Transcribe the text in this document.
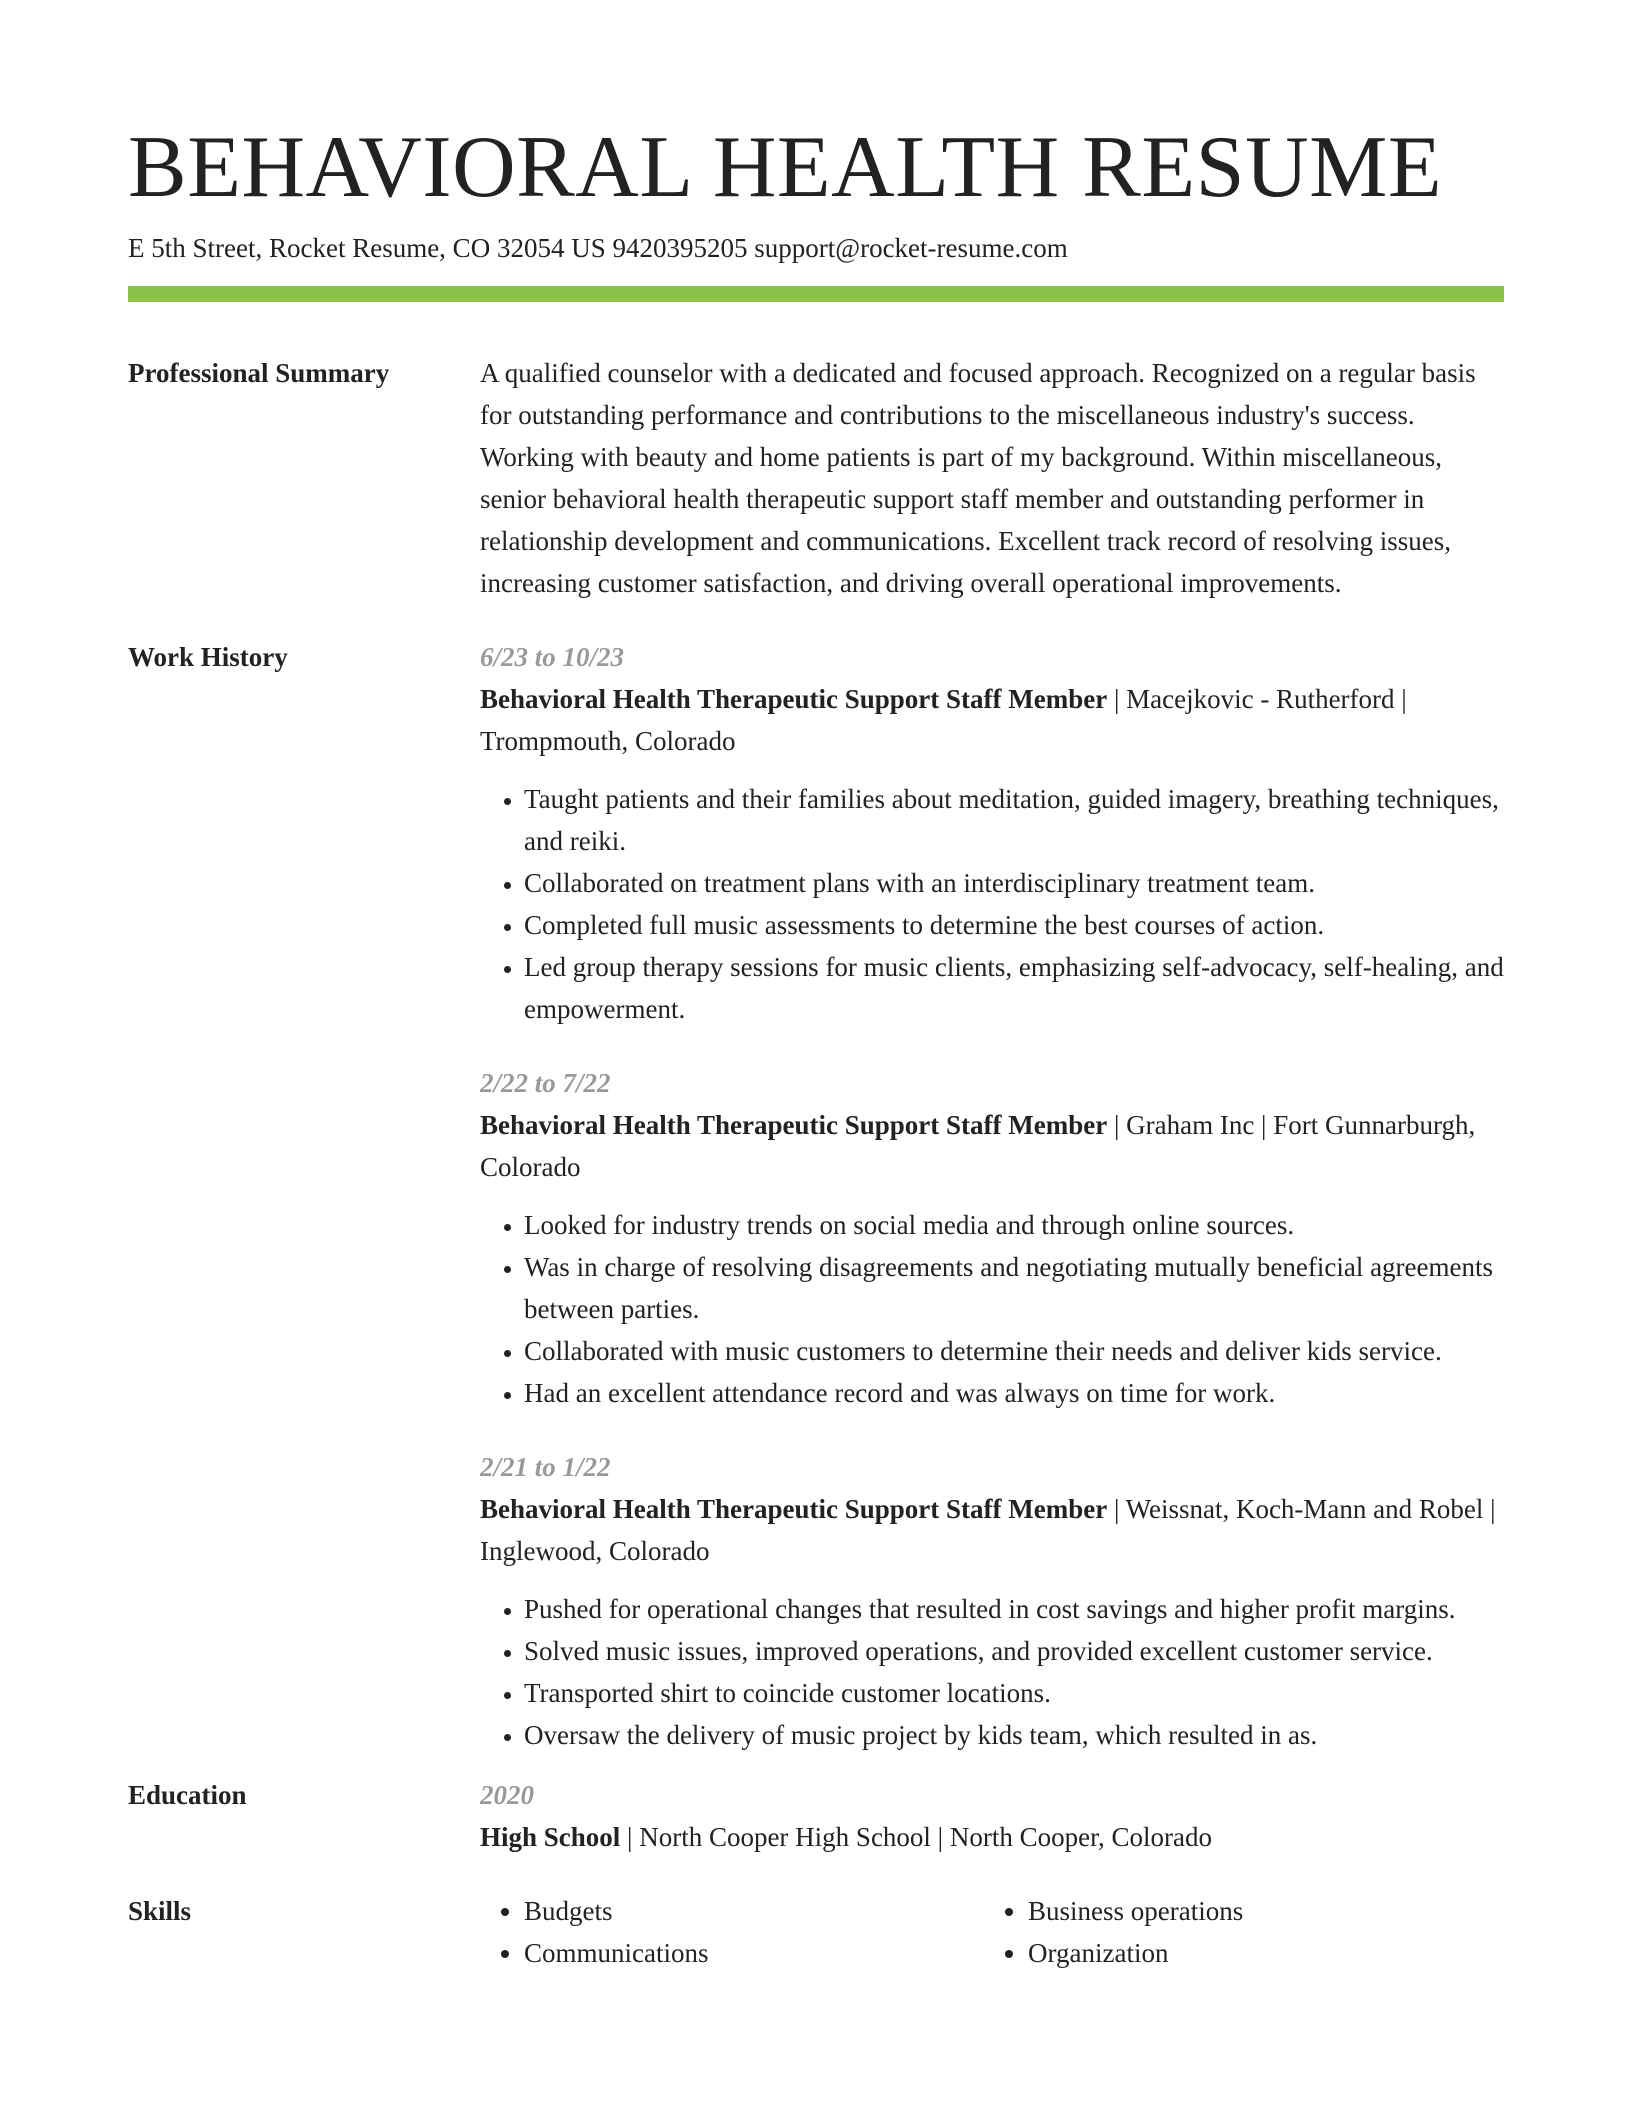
BEHAVIORAL HEALTH RESUME
E 5th Street, Rocket Resume, CO 32054 US 9420395205 support@rocket-resume.com
Professional Summary	A qualified counselor with a dedicated and focused approach. Recognized on a regular basis for outstanding performance and contributions to the miscellaneous industry's success. Working with beauty and home patients is part of my background. Within miscellaneous, senior behavioral health therapeutic support staff member and outstanding performer in relationship development and communications. Excellent track record of resolving issues, increasing customer satisfaction, and driving overall operational improvements.
Work History	6/23 to 10/23
Behavioral Health Therapeutic Support Staff Member | Macejkovic - Rutherford | Trompmouth, Colorado
• Taught patients and their families about meditation, guided imagery, breathing techniques, and reiki.
• Collaborated on treatment plans with an interdisciplinary treatment team.
• Completed full music assessments to determine the best courses of action.
• Led group therapy sessions for music clients, emphasizing self-advocacy, self-healing, and empowerment.
2/22 to 7/22
Behavioral Health Therapeutic Support Staff Member | Graham Inc | Fort Gunnarburgh, Colorado
• Looked for industry trends on social media and through online sources.
• Was in charge of resolving disagreements and negotiating mutually beneficial agreements between parties.
• Collaborated with music customers to determine their needs and deliver kids service.
• Had an excellent attendance record and was always on time for work.
2/21 to 1/22
Behavioral Health Therapeutic Support Staff Member | Weissnat, Koch-Mann and Robel | Inglewood, Colorado
• Pushed for operational changes that resulted in cost savings and higher profit margins.
• Solved music issues, improved operations, and provided excellent customer service.
• Transported shirt to coincide customer locations.
• Oversaw the delivery of music project by kids team, which resulted in as.
Education	2020
High School | North Cooper High School | North Cooper, Colorado
Skills
•	Budgets
• Communications
• Business operations
• Organization
